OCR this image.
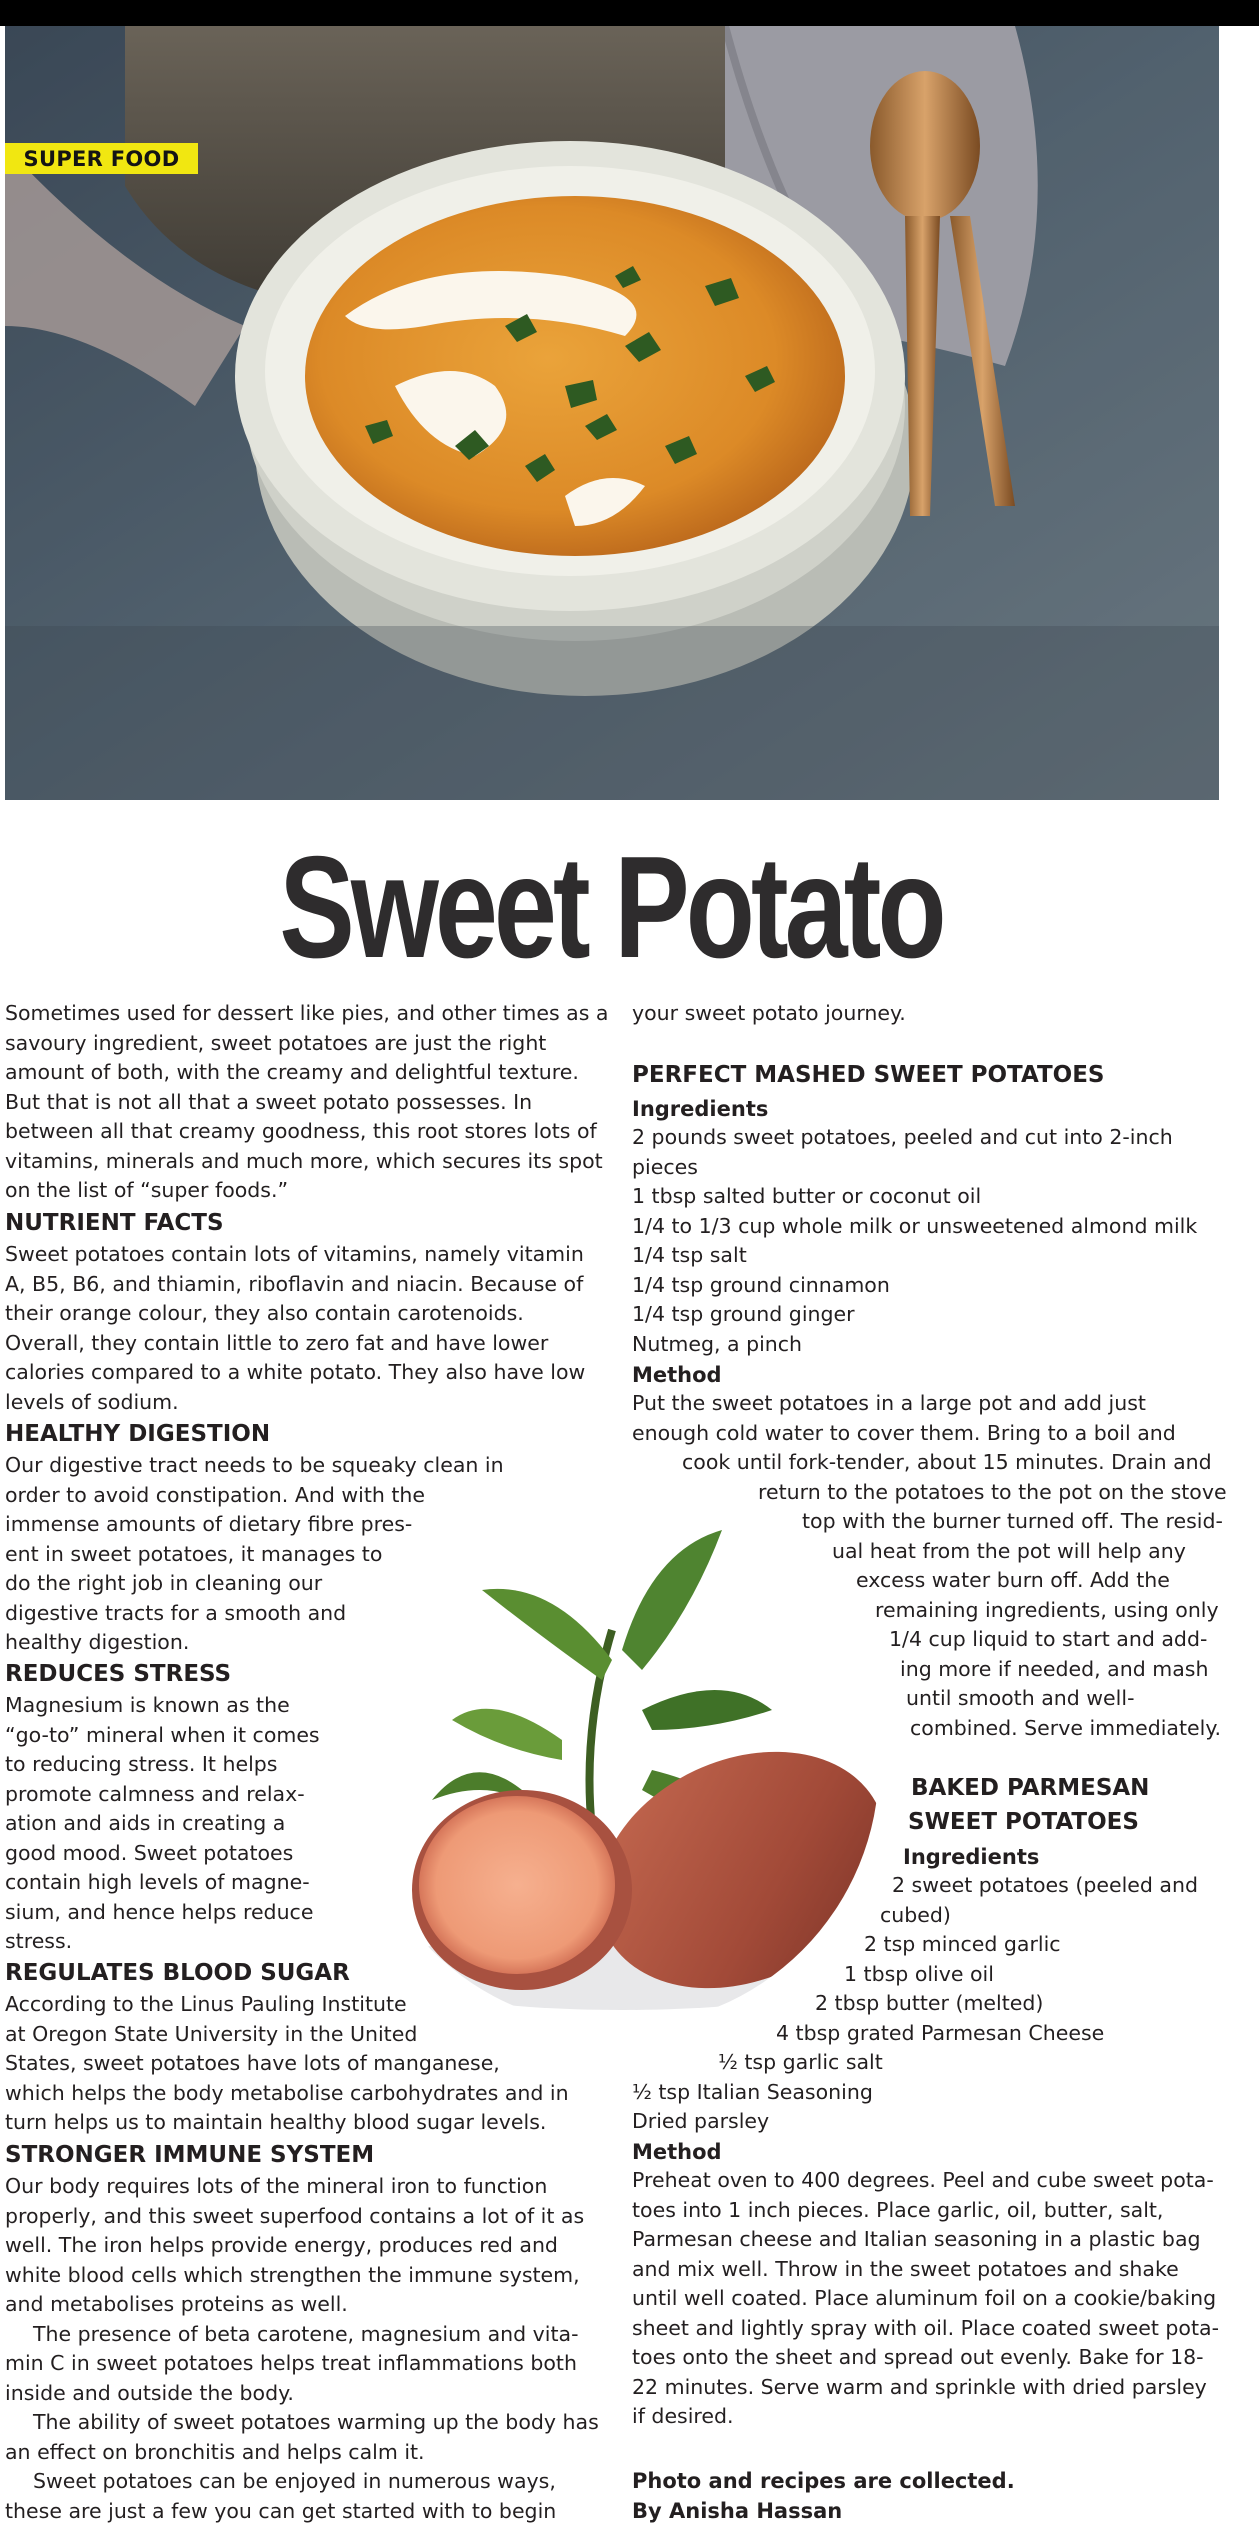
SUPER FOOD
Sweet Potato

Sometimes used for dessert like pies, and other times as a

savoury ingredient, sweet potatoes are just the right

amount of both, with the creamy and delightful texture.

But that is not all that a sweet potato possesses. In

between all that creamy goodness, this root stores lots of

vitamins, minerals and much more, which secures its spot

on the list of “super foods.”

NUTRIENT FACTS

Sweet potatoes contain lots of vitamins, namely vitamin

A, B5, B6, and thiamin, riboflavin and niacin. Because of

their orange colour, they also contain carotenoids.

Overall, they contain little to zero fat and have lower

calories compared to a white potato. They also have low

levels of sodium.

HEALTHY DIGESTION

Our digestive tract needs to be squeaky clean in

order to avoid constipation. And with the

immense amounts of dietary fibre pres-

ent in sweet potatoes, it manages to

do the right job in cleaning our

digestive tracts for a smooth and

healthy digestion.

REDUCES STRESS

Magnesium is known as the

“go-to” mineral when it comes

to reducing stress. It helps

promote calmness and relax-

ation and aids in creating a

good mood. Sweet potatoes

contain high levels of magne-

sium, and hence helps reduce

stress.

REGULATES BLOOD SUGAR

According to the Linus Pauling Institute

at Oregon State University in the United

States, sweet potatoes have lots of manganese,

which helps the body metabolise carbohydrates and in

turn helps us to maintain healthy blood sugar levels.

STRONGER IMMUNE SYSTEM

Our body requires lots of the mineral iron to function

properly, and this sweet superfood contains a lot of it as

well. The iron helps provide energy, produces red and

white blood cells which strengthen the immune system,

and metabolises proteins as well.

The presence of beta carotene, magnesium and vita-

min C in sweet potatoes helps treat inflammations both

inside and outside the body.

The ability of sweet potatoes warming up the body has

an effect on bronchitis and helps calm it.

Sweet potatoes can be enjoyed in numerous ways,

these are just a few you can get started with to begin

your sweet potato journey.

PERFECT MASHED SWEET POTATOES
Ingredients

2 pounds sweet potatoes, peeled and cut into 2-inch

pieces

1 tbsp salted butter or coconut oil

1/4 to 1/3 cup whole milk or unsweetened almond milk

1/4 tsp salt

1/4 tsp ground cinnamon

1/4 tsp ground ginger

Nutmeg, a pinch

Method

Put the sweet potatoes in a large pot and add just

enough cold water to cover them. Bring to a boil and

cook until fork-tender, about 15 minutes. Drain and

return to the potatoes to the pot on the stove

top with the burner turned off. The resid-

ual heat from the pot will help any

excess water burn off. Add the

remaining ingredients, using only

1/4 cup liquid to start and add-

ing more if needed, and mash

until smooth and well-

combined. Serve immediately.

BAKED PARMESAN
SWEET POTATOES
Ingredients

2 sweet potatoes (peeled and

cubed)

2 tsp minced garlic

1 tbsp olive oil

2 tbsp butter (melted)

4 tbsp grated Parmesan Cheese

½ tsp garlic salt

½ tsp Italian Seasoning

Dried parsley

Method

Preheat oven to 400 degrees. Peel and cube sweet pota-

toes into 1 inch pieces. Place garlic, oil, butter, salt,

Parmesan cheese and Italian seasoning in a plastic bag

and mix well. Throw in the sweet potatoes and shake

until well coated. Place aluminum foil on a cookie/baking

sheet and lightly spray with oil. Place coated sweet pota-

toes onto the sheet and spread out evenly. Bake for 18-

22 minutes. Serve warm and sprinkle with dried parsley

if desired.

Photo and recipes are collected.

By Anisha Hassan
